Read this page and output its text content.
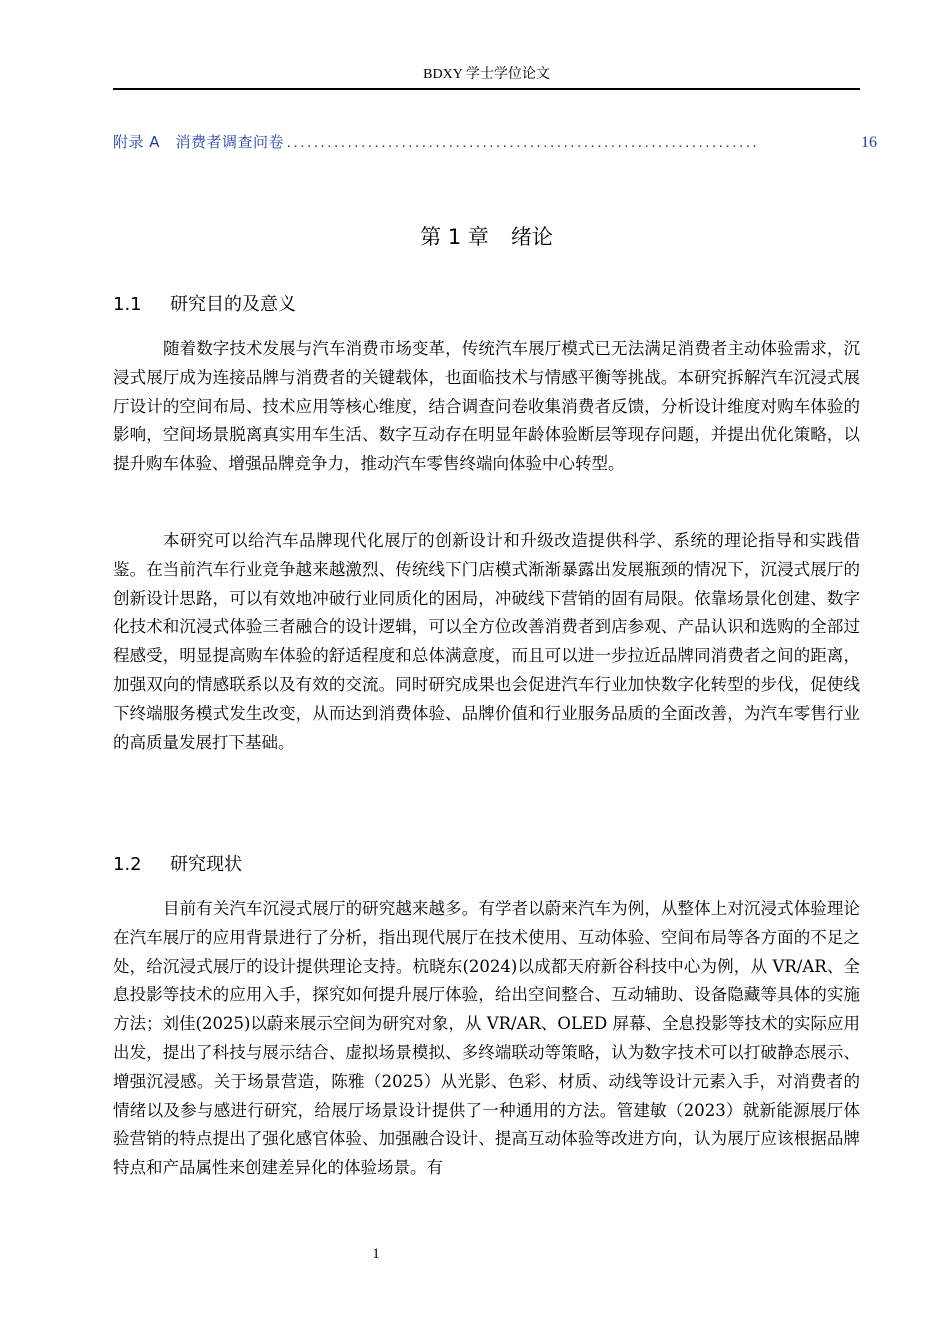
BDXY 学士学位论文
附录 A　消费者调查问卷 ......................................................................	16
第 1 章 绪论
1.1 研究目的及意义

随着数字技术发展与汽车消费市场变革，传统汽车展厅模式已无法满足消费者主动体验需求，沉浸式展厅成为连接品牌与消费者的关键载体，也面临技术与情感平衡等挑战。本研究拆解汽车沉浸式展厅设计的空间布局、技术应用等核心维度，结合调查问卷收集消费者反馈，分析设计维度对购车体验的影响，空间场景脱离真实用车生活、数字互动存在明显年龄体验断层等现存问题，并提出优化策略，以提升购车体验、增强品牌竞争力，推动汽车零售终端向体验中心转型。

本研究可以给汽车品牌现代化展厅的创新设计和升级改造提供科学、系统的理论指导和实践借鉴。在当前汽车行业竞争越来越激烈、传统线下门店模式渐渐暴露出发展瓶颈的情况下，沉浸式展厅的创新设计思路，可以有效地冲破行业同质化的困局，冲破线下营销的固有局限。依靠场景化创建、数字化技术和沉浸式体验三者融合的设计逻辑，可以全方位改善消费者到店参观、产品认识和选购的全部过程感受，明显提高购车体验的舒适程度和总体满意度，而且可以进一步拉近品牌同消费者之间的距离，加强双向的情感联系以及有效的交流。同时研究成果也会促进汽车行业加快数字化转型的步伐，促使线下终端服务模式发生改变，从而达到消费体验、品牌价值和行业服务品质的全面改善，为汽车零售行业的高质量发展打下基础。

1.2 研究现状

目前有关汽车沉浸式展厅的研究越来越多。有学者以蔚来汽车为例，从整体上对沉浸式体验理论在汽车展厅的应用背景进行了分析，指出现代展厅在技术使用、互动体验、空间布局等各方面的不足之处，给沉浸式展厅的设计提供理论支持。杭晓东(2024)以成都天府新谷科技中心为例，从 VR/AR、全息投影等技术的应用入手，探究如何提升展厅体验，给出空间整合、互动辅助、设备隐藏等具体的实施方法；刘佳(2025)以蔚来展示空间为研究对象，从 VR/AR、OLED 屏幕、全息投影等技术的实际应用出发，提出了科技与展示结合、虚拟场景模拟、多终端联动等策略，认为数字技术可以打破静态展示、增强沉浸感。关于场景营造，陈雅（2025）从光影、色彩、材质、动线等设计元素入手，对消费者的情绪以及参与感进行研究，给展厅场景设计提供了一种通用的方法。管建敏（2023）就新能源展厅体验营销的特点提出了强化感官体验、加强融合设计、提高互动体验等改进方向，认为展厅应该根据品牌特点和产品属性来创建差异化的体验场景。有

1
